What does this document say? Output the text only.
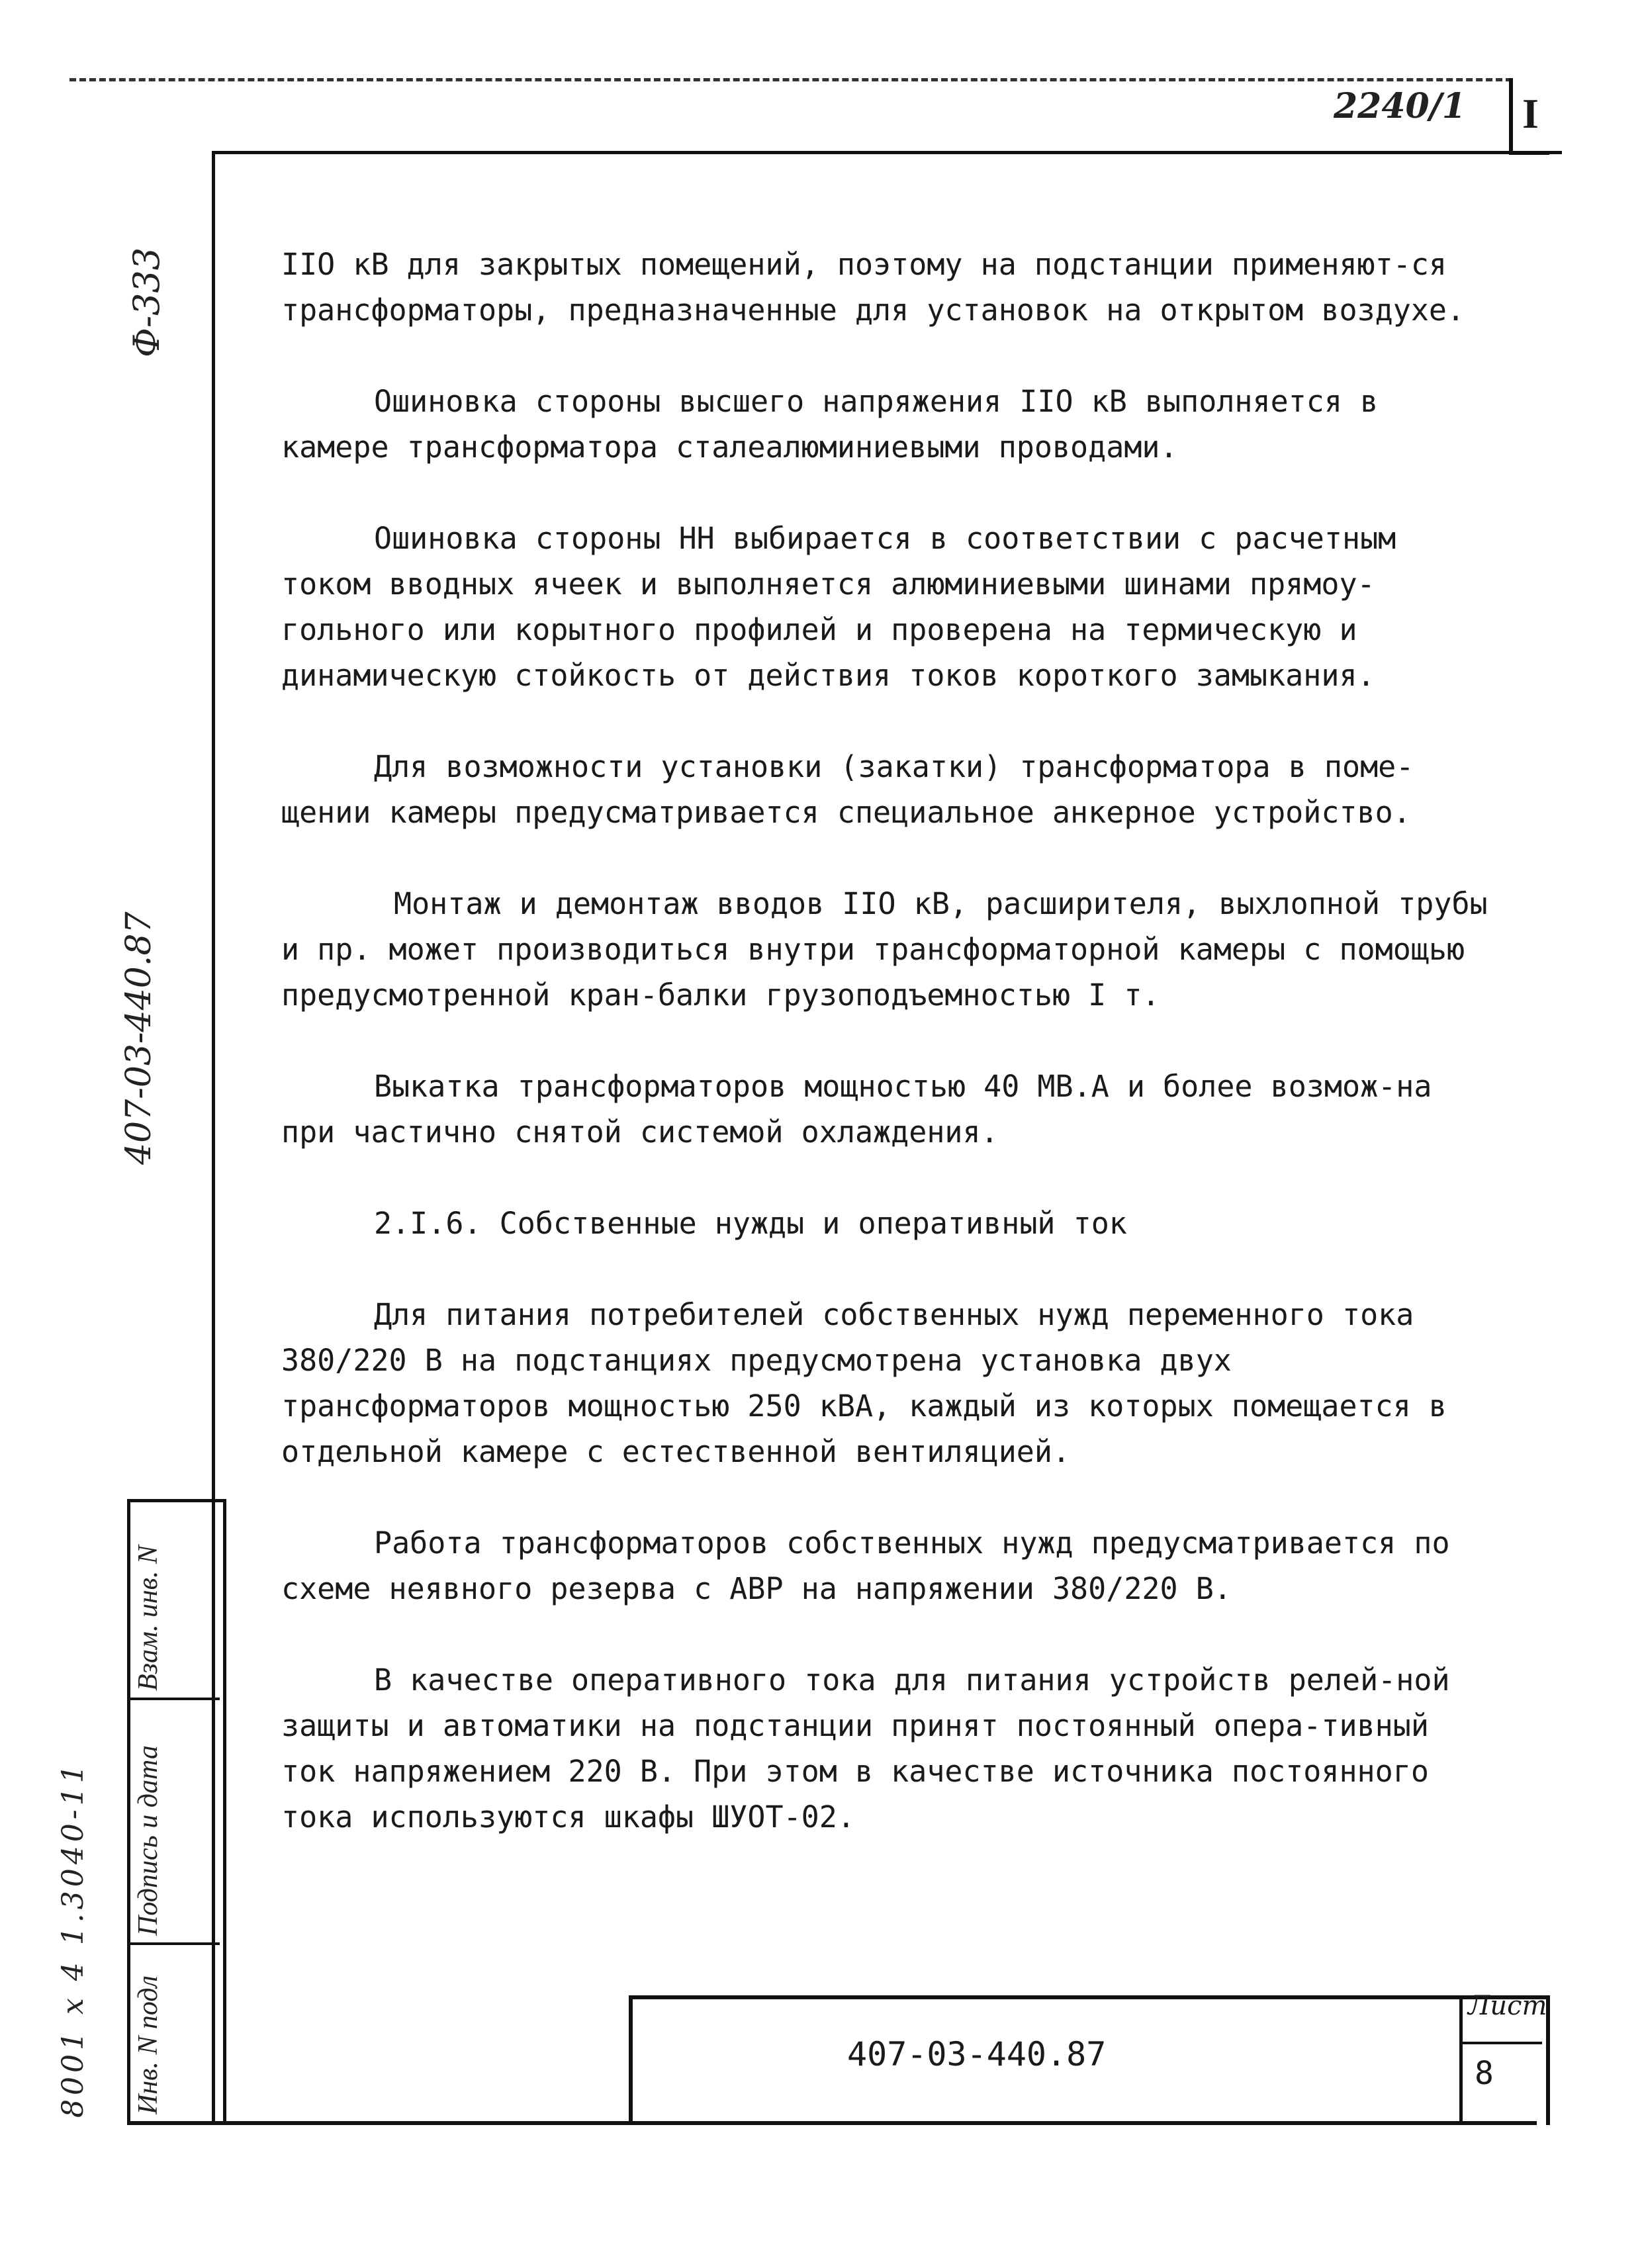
I
2240/1
Ф-333
407-03-440.87
8001 x 4 1.3040-11 Инв. N подл
Подпись и дата
Взам. инв. N

IIO кВ для закрытых помещений, поэтому на подстанции применяют-ся трансформаторы, предназначенные для установок на открытом воздухе.

Ошиновка стороны высшего напряжения IIO кВ выполняется в камере трансформатора сталеалюминиевыми проводами.

Ошиновка стороны НН выбирается в соответствии с расчетным током вводных ячеек и выполняется алюминиевыми шинами прямоу-гольного или корытного профилей и проверена на термическую и динамическую стойкость от действия токов короткого замыкания.

Для возможности установки (закатки) трансформатора в поме-щении камеры предусматривается специальное анкерное устройство.

Монтаж и демонтаж вводов IIO кВ, расширителя, выхлопной трубы и пр. может производиться внутри трансформаторной камеры с помощью предусмотренной кран-балки грузоподъемностью I т.

Выкатка трансформаторов мощностью 40 МВ.А и более возмож-на при частично снятой системой охлаждения.

2.I.6. Собственные нужды и оперативный ток

Для питания потребителей собственных нужд переменного тока 380/220 В на подстанциях предусмотрена установка двух трансформаторов мощностью 250 кВА, каждый из которых помещается в отдельной камере с естественной вентиляцией.

Работа трансформаторов собственных нужд предусматривается по схеме неявного резерва с АВР на напряжении 380/220 В.

В качестве оперативного тока для питания устройств релей-ной защиты и автоматики на подстанции принят постоянный опера-тивный ток напряжением 220 В. При этом в качестве источника постоянного тока используются шкафы ШУОТ-02.

407-03-440.87
Лист
8
